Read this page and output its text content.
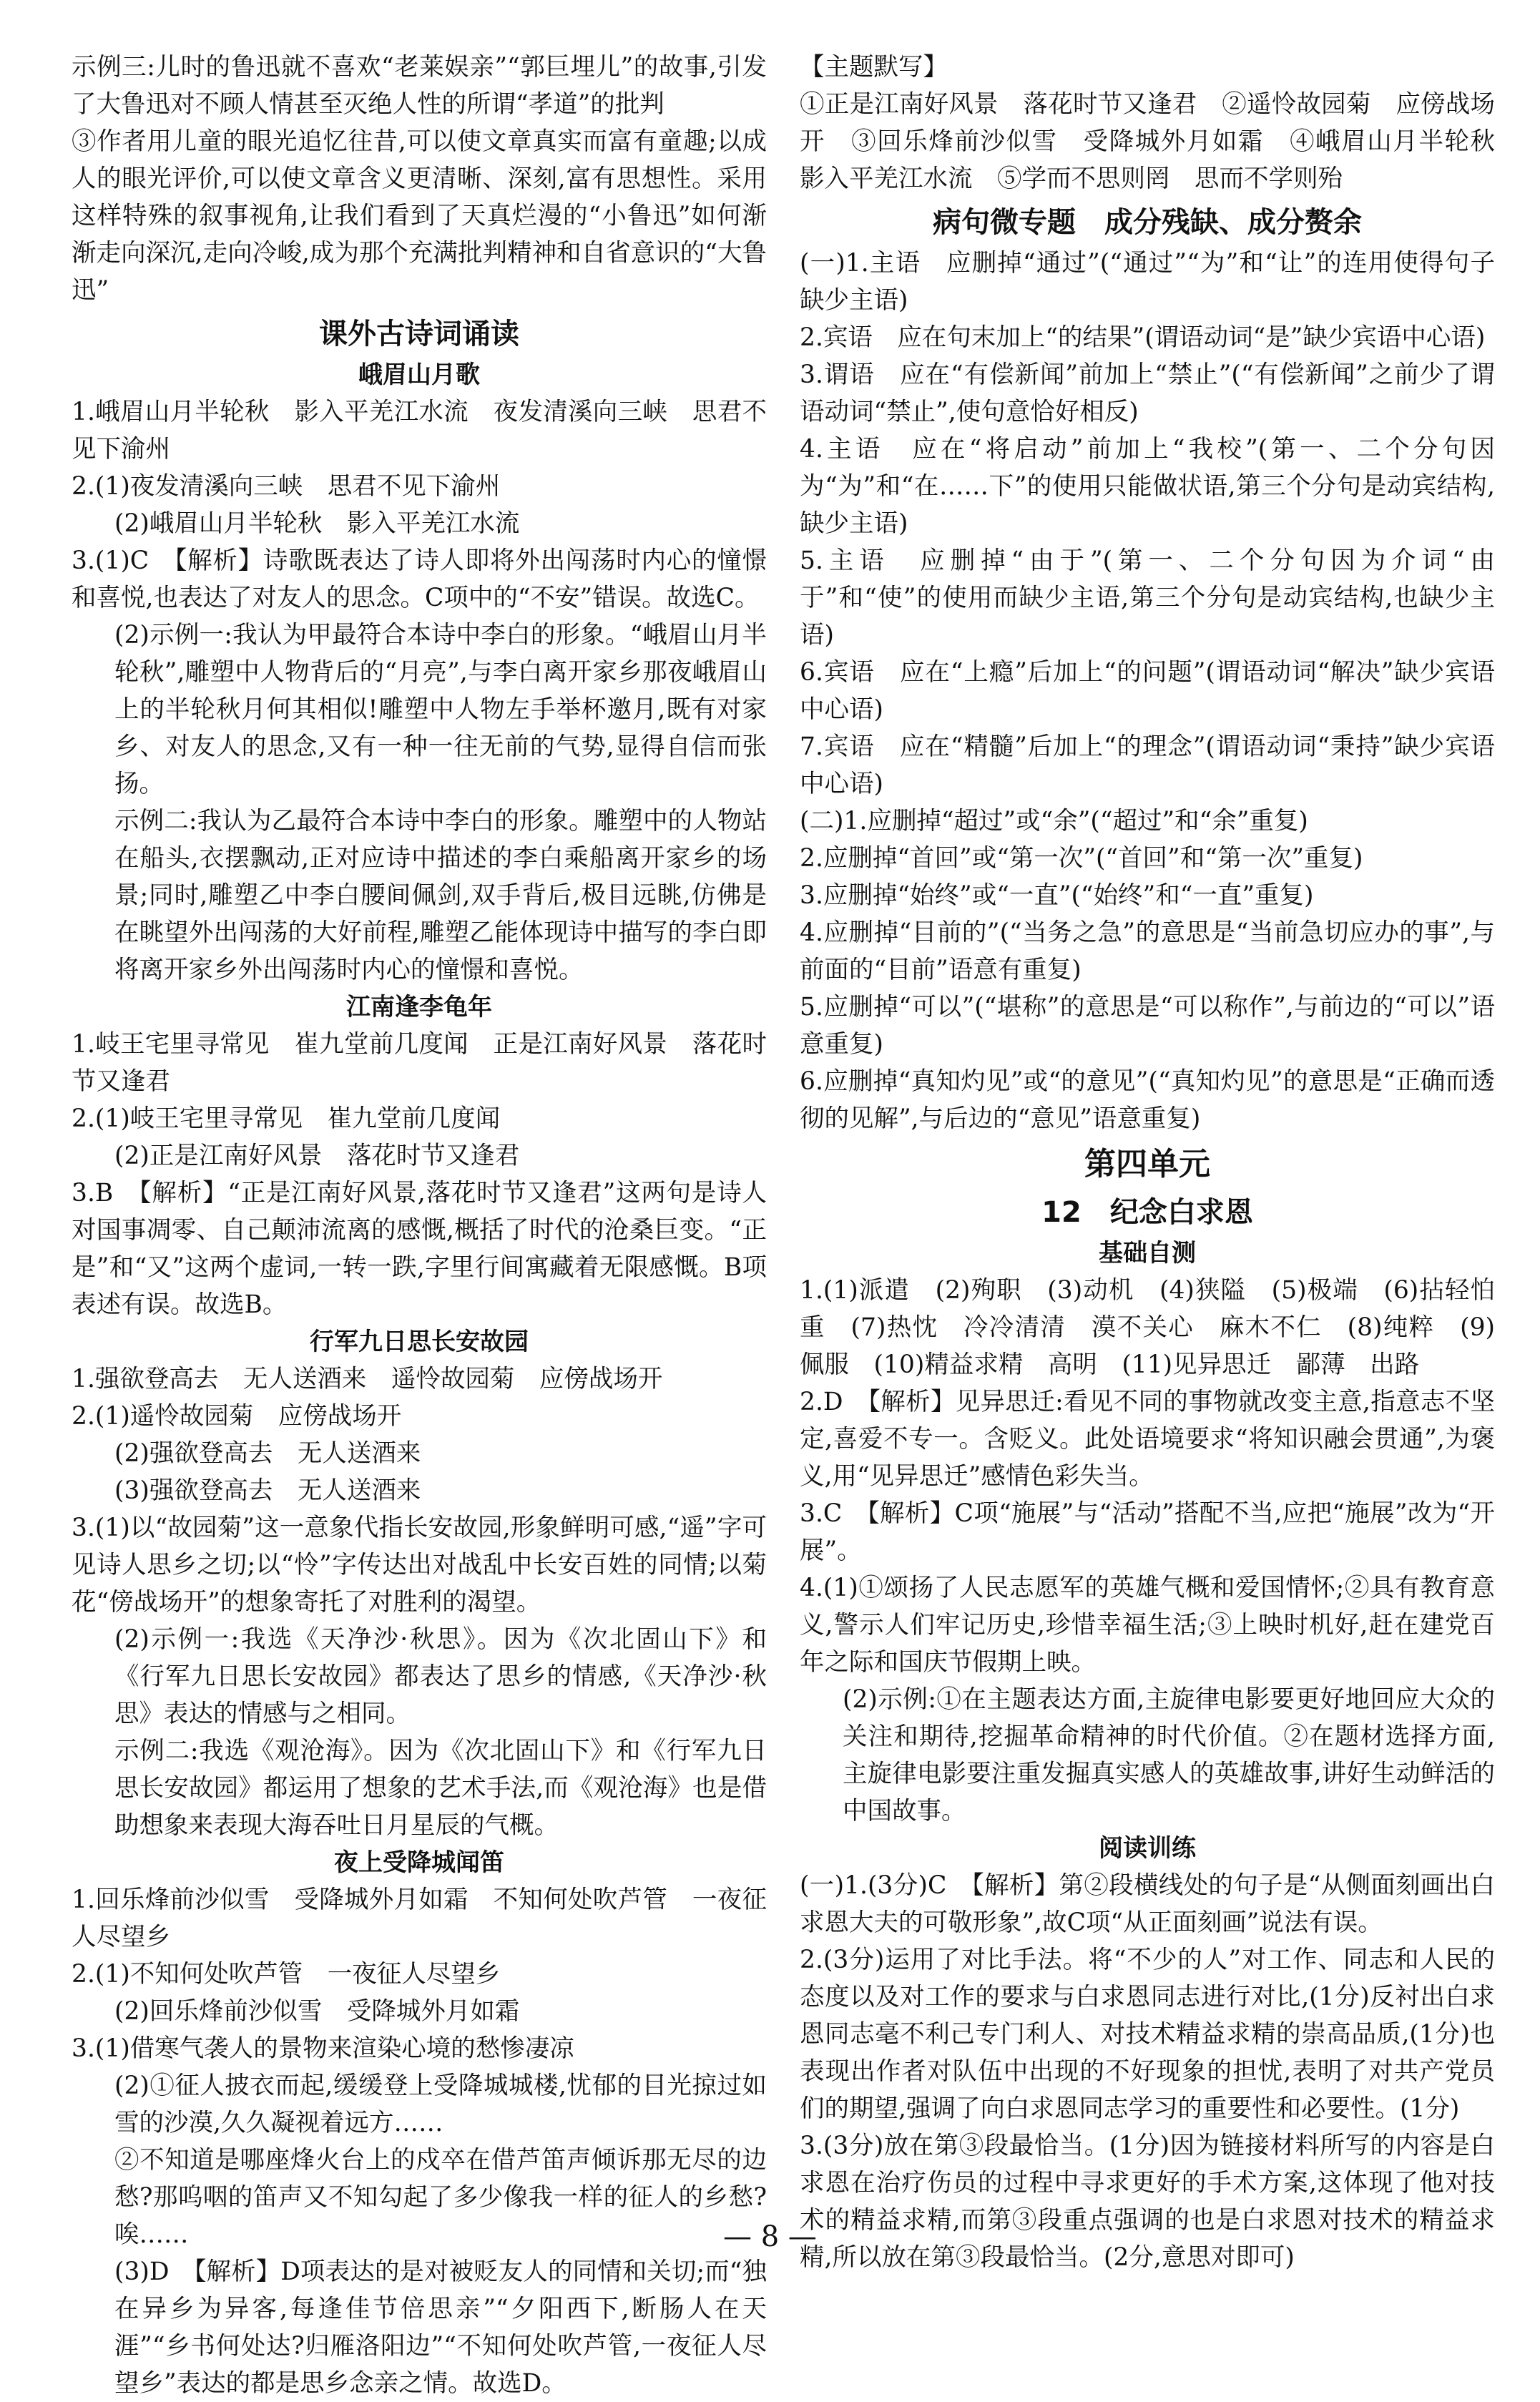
示例三:儿时的鲁迅就不喜欢“老莱娱亲”“郭巨埋儿”的故事,引发了大鲁迅对不顾人情甚至灭绝人性的所谓“孝道”的批判
③作者用儿童的眼光追忆往昔,可以使文章真实而富有童趣;以成人的眼光评价,可以使文章含义更清晰、深刻,富有思想性。采用这样特殊的叙事视角,让我们看到了天真烂漫的“小鲁迅”如何渐渐走向深沉,走向冷峻,成为那个充满批判精神和自省意识的“大鲁迅”
课外古诗词诵读
峨眉山月歌
1.峨眉山月半轮秋　影入平羌江水流　夜发清溪向三峡　思君不见下渝州
2.(1)夜发清溪向三峡　思君不见下渝州
(2)峨眉山月半轮秋　影入平羌江水流
3.(1)C　【解析】诗歌既表达了诗人即将外出闯荡时内心的憧憬和喜悦,也表达了对友人的思念。C项中的“不安”错误。故选C。
(2)示例一:我认为甲最符合本诗中李白的形象。“峨眉山月半轮秋”,雕塑中人物背后的“月亮”,与李白离开家乡那夜峨眉山上的半轮秋月何其相似!雕塑中人物左手举杯邀月,既有对家乡、对友人的思念,又有一种一往无前的气势,显得自信而张扬。
示例二:我认为乙最符合本诗中李白的形象。雕塑中的人物站在船头,衣摆飘动,正对应诗中描述的李白乘船离开家乡的场景;同时,雕塑乙中李白腰间佩剑,双手背后,极目远眺,仿佛是在眺望外出闯荡的大好前程,雕塑乙能体现诗中描写的李白即将离开家乡外出闯荡时内心的憧憬和喜悦。
江南逢李龟年
1.岐王宅里寻常见　崔九堂前几度闻　正是江南好风景　落花时节又逢君
2.(1)岐王宅里寻常见　崔九堂前几度闻
(2)正是江南好风景　落花时节又逢君
3.B　【解析】“正是江南好风景,落花时节又逢君”这两句是诗人对国事凋零、自己颠沛流离的感慨,概括了时代的沧桑巨变。“正是”和“又”这两个虚词,一转一跌,字里行间寓藏着无限感慨。B项表述有误。故选B。
行军九日思长安故园
1.强欲登高去　无人送酒来　遥怜故园菊　应傍战场开
2.(1)遥怜故园菊　应傍战场开
(2)强欲登高去　无人送酒来
(3)强欲登高去　无人送酒来
3.(1)以“故园菊”这一意象代指长安故园,形象鲜明可感,“遥”字可见诗人思乡之切;以“怜”字传达出对战乱中长安百姓的同情;以菊花“傍战场开”的想象寄托了对胜利的渴望。
(2)示例一:我选《天净沙·秋思》。因为《次北固山下》和《行军九日思长安故园》都表达了思乡的情感,《天净沙·秋思》表达的情感与之相同。
示例二:我选《观沧海》。因为《次北固山下》和《行军九日思长安故园》都运用了想象的艺术手法,而《观沧海》也是借助想象来表现大海吞吐日月星辰的气概。
夜上受降城闻笛
1.回乐烽前沙似雪　受降城外月如霜　不知何处吹芦管　一夜征人尽望乡
2.(1)不知何处吹芦管　一夜征人尽望乡
(2)回乐烽前沙似雪　受降城外月如霜
3.(1)借寒气袭人的景物来渲染心境的愁惨凄凉
(2)①征人披衣而起,缓缓登上受降城城楼,忧郁的目光掠过如雪的沙漠,久久凝视着远方……
②不知道是哪座烽火台上的戍卒在借芦笛声倾诉那无尽的边愁?那呜咽的笛声又不知勾起了多少像我一样的征人的乡愁?唉……
(3)D　【解析】D项表达的是对被贬友人的同情和关切;而“独在异乡为异客,每逢佳节倍思亲”“夕阳西下,断肠人在天涯”“乡书何处达?归雁洛阳边”“不知何处吹芦管,一夜征人尽望乡”表达的都是思乡念亲之情。故选D。
【主题默写】
①正是江南好风景　落花时节又逢君　②遥怜故园菊　应傍战场开　③回乐烽前沙似雪　受降城外月如霜　④峨眉山月半轮秋　影入平羌江水流　⑤学而不思则罔　思而不学则殆
病句微专题　成分残缺、成分赘余
(一)1.主语　应删掉“通过”(“通过”“为”和“让”的连用使得句子缺少主语)
2.宾语　应在句末加上“的结果”(谓语动词“是”缺少宾语中心语)
3.谓语　应在“有偿新闻”前加上“禁止”(“有偿新闻”之前少了谓语动词“禁止”,使句意恰好相反)
4.主语　应在“将启动”前加上“我校”(第一、二个分句因为“为”和“在……下”的使用只能做状语,第三个分句是动宾结构,缺少主语)
5.主语　应删掉“由于”(第一、二个分句因为介词“由于”和“使”的使用而缺少主语,第三个分句是动宾结构,也缺少主语)
6.宾语　应在“上瘾”后加上“的问题”(谓语动词“解决”缺少宾语中心语)
7.宾语　应在“精髓”后加上“的理念”(谓语动词“秉持”缺少宾语中心语)
(二)1.应删掉“超过”或“余”(“超过”和“余”重复)
2.应删掉“首回”或“第一次”(“首回”和“第一次”重复)
3.应删掉“始终”或“一直”(“始终”和“一直”重复)
4.应删掉“目前的”(“当务之急”的意思是“当前急切应办的事”,与前面的“目前”语意有重复)
5.应删掉“可以”(“堪称”的意思是“可以称作”,与前边的“可以”语意重复)
6.应删掉“真知灼见”或“的意见”(“真知灼见”的意思是“正确而透彻的见解”,与后边的“意见”语意重复)
第四单元
12　纪念白求恩
基础自测
1.(1)派遣　(2)殉职　(3)动机　(4)狭隘　(5)极端　(6)拈轻怕重　(7)热忱　冷冷清清　漠不关心　麻木不仁　(8)纯粹　(9)佩服　(10)精益求精　高明　(11)见异思迁　鄙薄　出路
2.D　【解析】见异思迁:看见不同的事物就改变主意,指意志不坚定,喜爱不专一。含贬义。此处语境要求“将知识融会贯通”,为褒义,用“见异思迁”感情色彩失当。
3.C　【解析】C项“施展”与“活动”搭配不当,应把“施展”改为“开展”。
4.(1)①颂扬了人民志愿军的英雄气概和爱国情怀;②具有教育意义,警示人们牢记历史,珍惜幸福生活;③上映时机好,赶在建党百年之际和国庆节假期上映。
(2)示例:①在主题表达方面,主旋律电影要更好地回应大众的关注和期待,挖掘革命精神的时代价值。②在题材选择方面,主旋律电影要注重发掘真实感人的英雄故事,讲好生动鲜活的中国故事。
阅读训练
(一)1.(3分)C　【解析】第②段横线处的句子是“从侧面刻画出白求恩大夫的可敬形象”,故C项“从正面刻画”说法有误。
2.(3分)运用了对比手法。将“不少的人”对工作、同志和人民的态度以及对工作的要求与白求恩同志进行对比,(1分)反衬出白求恩同志毫不利己专门利人、对技术精益求精的崇高品质,(1分)也表现出作者对队伍中出现的不好现象的担忧,表明了对共产党员们的期望,强调了向白求恩同志学习的重要性和必要性。(1分)
3.(3分)放在第③段最恰当。(1分)因为链接材料所写的内容是白求恩在治疗伤员的过程中寻求更好的手术方案,这体现了他对技术的精益求精,而第③段重点强调的也是白求恩对技术的精益求精,所以放在第③段最恰当。(2分,意思对即可)
— 8 —
